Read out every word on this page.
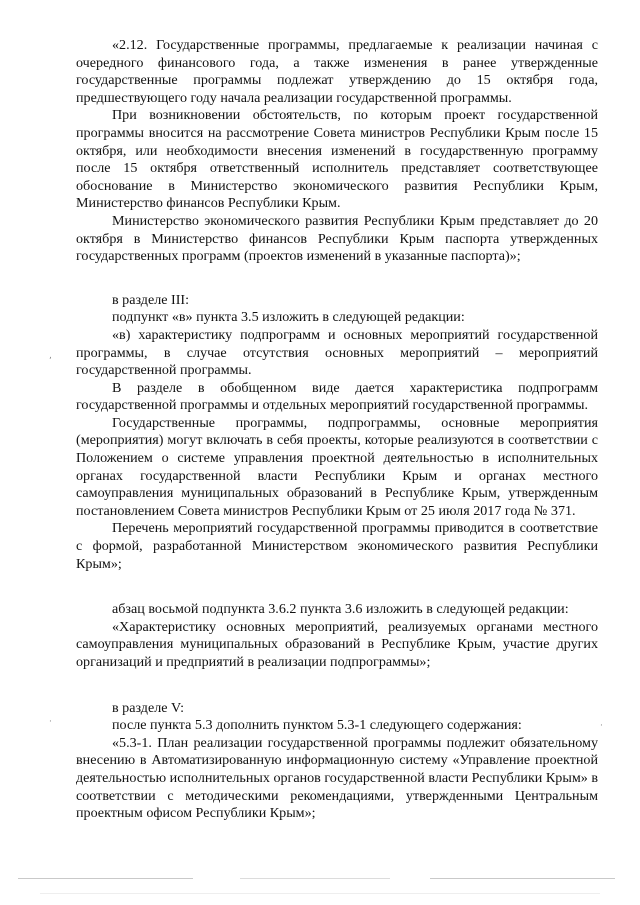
,
·	·

«2.12. Государственные программы, предлагаемые к реализации начиная с очередного финансового года, а также изменения в ранее утвержденные государственные программы подлежат утверждению до 15 октября года, предшествующего году начала реализации государственной программы.

При возникновении обстоятельств, по которым проект государственной программы вносится на рассмотрение Совета министров Республики Крым после 15 октября, или необходимости внесения изменений в государственную программу после 15 октября ответственный исполнитель представляет соответствующее обоснование в Министерство экономического развития Республики Крым, Министерство финансов Республики Крым.

Министерство экономического развития Республики Крым представляет до 20 октября в Министерство финансов Республики Крым паспорта утвержденных государственных программ (проектов изменений в указанные паспорта)»;

в разделе III:

подпункт «в» пункта 3.5 изложить в следующей редакции:

«в) характеристику подпрограмм и основных мероприятий государственной программы, в случае отсутствия основных мероприятий – мероприятий государственной программы.

В разделе в обобщенном виде дается характеристика подпрограмм государственной программы и отдельных мероприятий государственной программы.

Государственные программы, подпрограммы, основные мероприятия (мероприятия) могут включать в себя проекты, которые реализуются в соответствии с Положением о системе управления проектной деятельностью в исполнительных органах государственной власти Республики Крым и органах местного самоуправления муниципальных образований в Республике Крым, утвержденным постановлением Совета министров Республики Крым от 25 июля 2017 года № 371.

Перечень мероприятий государственной программы приводится в соответствие с формой, разработанной Министерством экономического развития Республики Крым»;

абзац восьмой подпункта 3.6.2 пункта 3.6 изложить в следующей редакции:

«Характеристику основных мероприятий, реализуемых органами местного самоуправления муниципальных образований в Республике Крым, участие других организаций и предприятий в реализации подпрограммы»;

в разделе V:

после пункта 5.3 дополнить пунктом 5.3-1 следующего содержания:

«5.3-1. План реализации государственной программы подлежит обязательному внесению в Автоматизированную информационную систему «Управление проектной деятельностью исполнительных органов государственной власти Республики Крым» в соответствии с методическими рекомендациями, утвержденными Центральным проектным офисом Республики Крым»;
